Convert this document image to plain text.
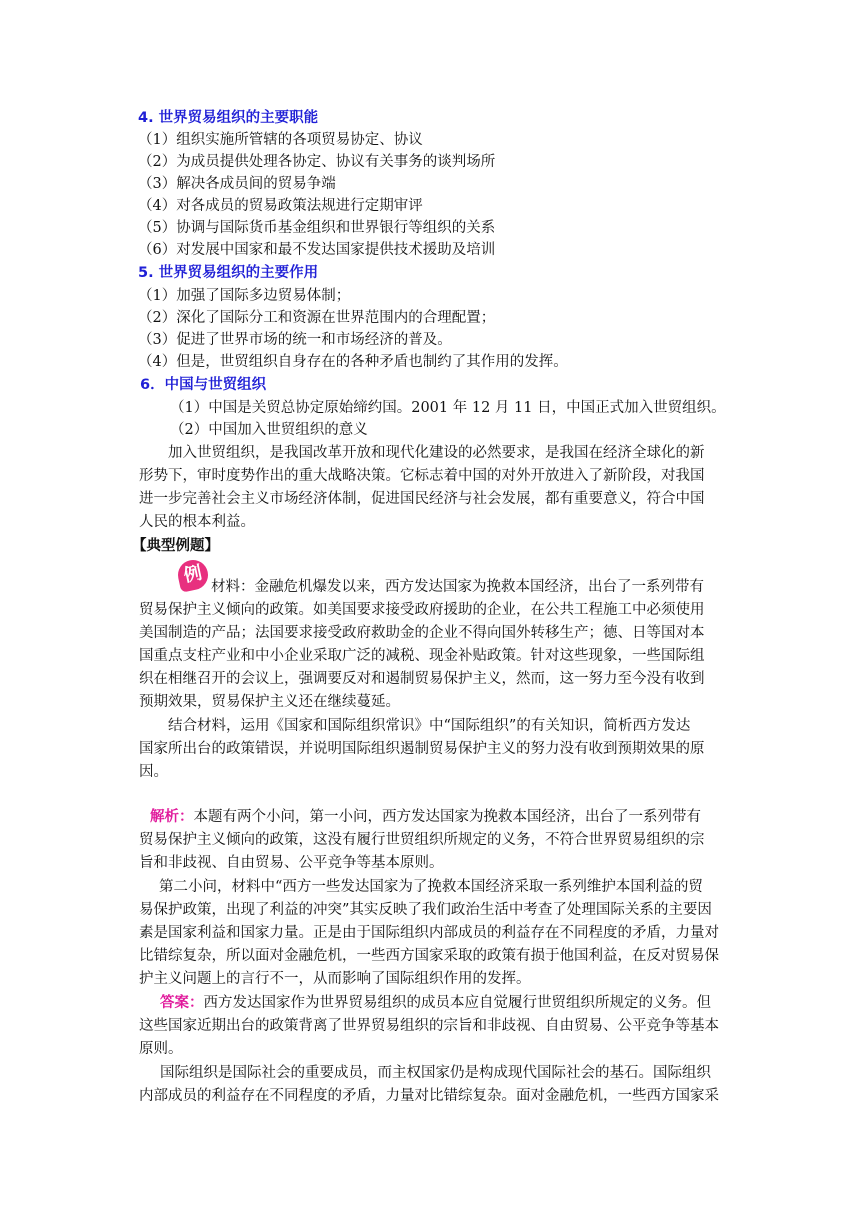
4. 世界贸易组织的主要职能
（1）组织实施所管辖的各项贸易协定、协议
（2）为成员提供处理各协定、协议有关事务的谈判场所
（3）解决各成员间的贸易争端
（4）对各成员的贸易政策法规进行定期审评
（5）协调与国际货币基金组织和世界银行等组织的关系
（6）对发展中国家和最不发达国家提供技术援助及培训
5. 世界贸易组织的主要作用
（1）加强了国际多边贸易体制；
（2）深化了国际分工和资源在世界范围内的合理配置；
（3）促进了世界市场的统一和市场经济的普及。
（4）但是，世贸组织自身存在的各种矛盾也制约了其作用的发挥。
6．中国与世贸组织
（1）中国是关贸总协定原始缔约国。2001 年 12 月 11 日，中国正式加入世贸组织。
（2）中国加入世贸组织的意义
加入世贸组织，是我国改革开放和现代化建设的必然要求，是我国在经济全球化的新
形势下，审时度势作出的重大战略决策。它标志着中国的对外开放进入了新阶段，对我国
进一步完善社会主义市场经济体制，促进国民经济与社会发展，都有重要意义，符合中国
人民的根本利益。
【典型例题】
例
材料：金融危机爆发以来，西方发达国家为挽救本国经济，出台了一系列带有
贸易保护主义倾向的政策。如美国要求接受政府援助的企业，在公共工程施工中必须使用
美国制造的产品；法国要求接受政府救助金的企业不得向国外转移生产；德、日等国对本
国重点支柱产业和中小企业采取广泛的减税、现金补贴政策。针对这些现象，一些国际组
织在相继召开的会议上，强调要反对和遏制贸易保护主义，然而，这一努力至今没有收到
预期效果，贸易保护主义还在继续蔓延。
结合材料，运用《国家和国际组织常识》中“国际组织”的有关知识，简析西方发达
国家所出台的政策错误，并说明国际组织遏制贸易保护主义的努力没有收到预期效果的原
因。
解析：本题有两个小问，第一小问，西方发达国家为挽救本国经济，出台了一系列带有
贸易保护主义倾向的政策，这没有履行世贸组织所规定的义务，不符合世界贸易组织的宗
旨和非歧视、自由贸易、公平竞争等基本原则。
第二小问，材料中“西方一些发达国家为了挽救本国经济采取一系列维护本国利益的贸
易保护政策，出现了利益的冲突”其实反映了我们政治生活中考查了处理国际关系的主要因
素是国家利益和国家力量。正是由于国际组织内部成员的利益存在不同程度的矛盾，力量对
比错综复杂，所以面对金融危机，一些西方国家采取的政策有损于他国利益，在反对贸易保
护主义问题上的言行不一，从而影响了国际组织作用的发挥。
答案：西方发达国家作为世界贸易组织的成员本应自觉履行世贸组织所规定的义务。但
这些国家近期出台的政策背离了世界贸易组织的宗旨和非歧视、自由贸易、公平竞争等基本
原则。
国际组织是国际社会的重要成员，而主权国家仍是构成现代国际社会的基石。国际组织
内部成员的利益存在不同程度的矛盾，力量对比错综复杂。面对金融危机，一些西方国家采
